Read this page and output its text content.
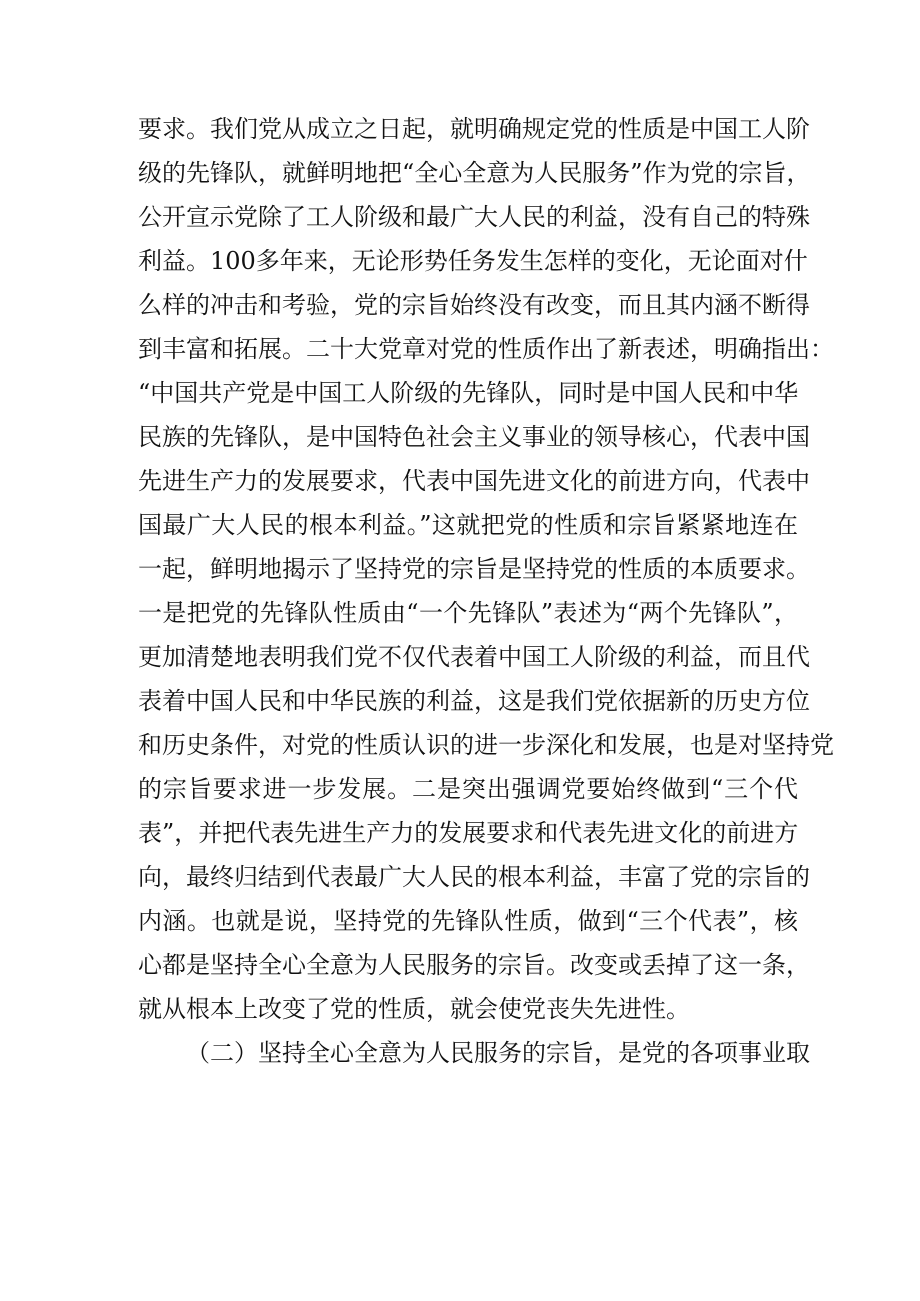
要求。我们党从成立之日起，就明确规定党的性质是中国工人阶
级的先锋队，就鲜明地把“全心全意为人民服务”作为党的宗旨，
公开宣示党除了工人阶级和最广大人民的利益，没有自己的特殊
利益。100多年来，无论形势任务发生怎样的变化，无论面对什
么样的冲击和考验，党的宗旨始终没有改变，而且其内涵不断得
到丰富和拓展。二十大党章对党的性质作出了新表述，明确指出：
“中国共产党是中国工人阶级的先锋队，同时是中国人民和中华
民族的先锋队，是中国特色社会主义事业的领导核心，代表中国
先进生产力的发展要求，代表中国先进文化的前进方向，代表中
国最广大人民的根本利益。”这就把党的性质和宗旨紧紧地连在
一起，鲜明地揭示了坚持党的宗旨是坚持党的性质的本质要求。
一是把党的先锋队性质由“一个先锋队”表述为“两个先锋队”，
更加清楚地表明我们党不仅代表着中国工人阶级的利益，而且代
表着中国人民和中华民族的利益，这是我们党依据新的历史方位
和历史条件，对党的性质认识的进一步深化和发展，也是对坚持党
的宗旨要求进一步发展。二是突出强调党要始终做到“三个代
表”，并把代表先进生产力的发展要求和代表先进文化的前进方
向，最终归结到代表最广大人民的根本利益，丰富了党的宗旨的
内涵。也就是说，坚持党的先锋队性质，做到“三个代表”，核
心都是坚持全心全意为人民服务的宗旨。改变或丢掉了这一条，
就从根本上改变了党的性质，就会使党丧失先进性。
（二）坚持全心全意为人民服务的宗旨，是党的各项事业取
